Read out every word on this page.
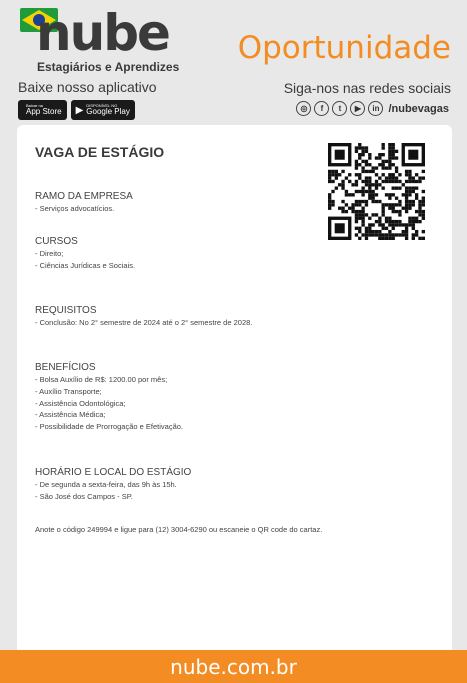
nube
Estagiários e Aprendizes
Oportunidade
Baixe nosso aplicativo
Baixar na
App Store ▶ DISPONÍVEL NO
Google Play
Siga-nos nas redes sociais
◎	f	t	▶	in /nubevagas
VAGA DE ESTÁGIO
RAMO DA EMPRESA
- Serviços advocatícios.
CURSOS
- Direito;
- Ciências Jurídicas e Sociais.
REQUISITOS
- Conclusão: No 2° semestre de 2024 até o 2° semestre de 2028.
BENEFÍCIOS
- Bolsa Auxílio de R$: 1200.00 por mês;
- Auxílio Transporte;
- Assistência Odontológica;
- Assistência Médica;
- Possibilidade de Prorrogação e Efetivação.
HORÁRIO E LOCAL DO ESTÁGIO
- De segunda a sexta-feira, das 9h às 15h.
- São José dos Campos - SP.
Anote o código 249994 e ligue para (12) 3004-6290 ou escaneie o QR code do cartaz.
nube.com.br
